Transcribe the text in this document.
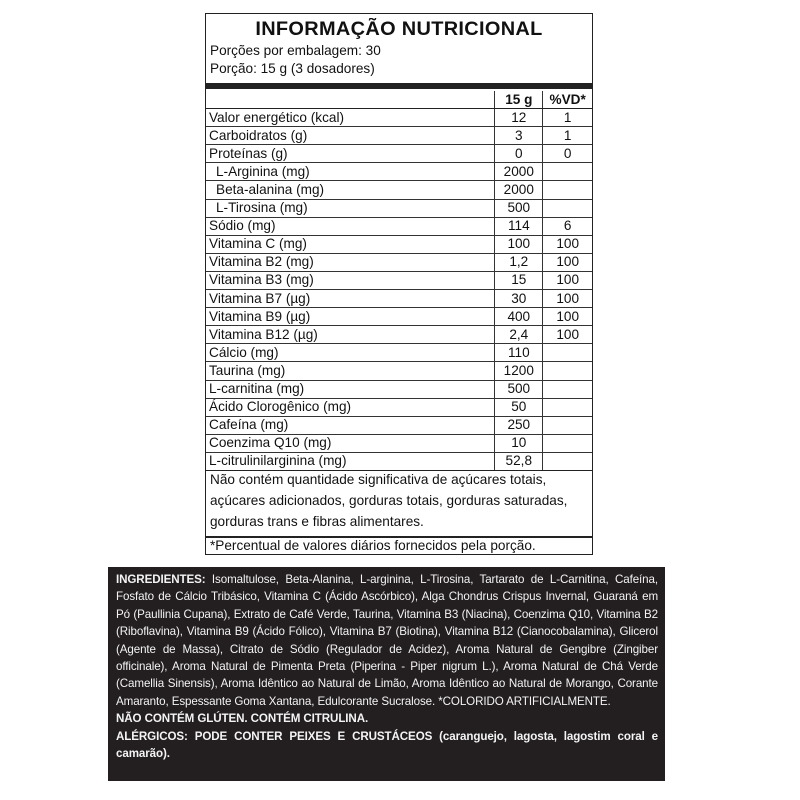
INFORMAÇÃO NUTRICIONAL
Porções por embalagem: 30
Porção: 15 g (3 dosadores)
	15 g	%VD*
Valor energético (kcal)	12	1
Carboidratos (g)	3	1
Proteínas (g)	0	0
L-Arginina (mg)	2000	
Beta-alanina (mg)	2000	
L-Tirosina (mg)	500	
Sódio (mg)	114	6
Vitamina C (mg)	100	100
Vitamina B2 (mg)	1,2	100
Vitamina B3 (mg)	15	100
Vitamina B7 (µg)	30	100
Vitamina B9 (µg)	400	100
Vitamina B12 (µg)	2,4	100
Cálcio (mg)	110	
Taurina (mg)	1200	
L-carnitina (mg)	500	
Ácido Clorogênico (mg)	50	
Cafeína (mg)	250	
Coenzima Q10 (mg)	10	
L-citrulinilarginina (mg)	52,8	
Não contém quantidade significativa de açúcares totais, açúcares adicionados, gorduras totais, gorduras saturadas, gorduras trans e fibras alimentares.
*Percentual de valores diários fornecidos pela porção.
INGREDIENTES: Isomaltulose, Beta-Alanina, L-arginina, L-Tirosina, Tartarato de L-Carnitina, Cafeína, Fosfato de Cálcio Tribásico, Vitamina C (Ácido Ascórbico), Alga Chondrus Crispus Invernal, Guaraná em Pó (Paullinia Cupana), Extrato de Café Verde, Taurina, Vitamina B3 (Niacina), Coenzima Q10, Vitamina B2 (Riboflavina), Vitamina B9 (Ácido Fólico), Vitamina B7 (Biotina), Vitamina B12 (Cianocobalamina), Glicerol (Agente de Massa), Citrato de Sódio (Regulador de Acidez), Aroma Natural de Gengibre (Zingiber officinale), Aroma Natural de Pimenta Preta (Piperina - Piper nigrum L.), Aroma Natural de Chá Verde (Camellia Sinensis), Aroma Idêntico ao Natural de Limão, Aroma Idêntico ao Natural de Morango, Corante Amaranto, Espessante Goma Xantana, Edulcorante Sucralose. *COLORIDO ARTIFICIALMENTE.
NÃO CONTÉM GLÚTEN. CONTÉM CITRULINA.
ALÉRGICOS: PODE CONTER PEIXES E CRUSTÁCEOS (caranguejo, lagosta, lagostim coral e camarão).
